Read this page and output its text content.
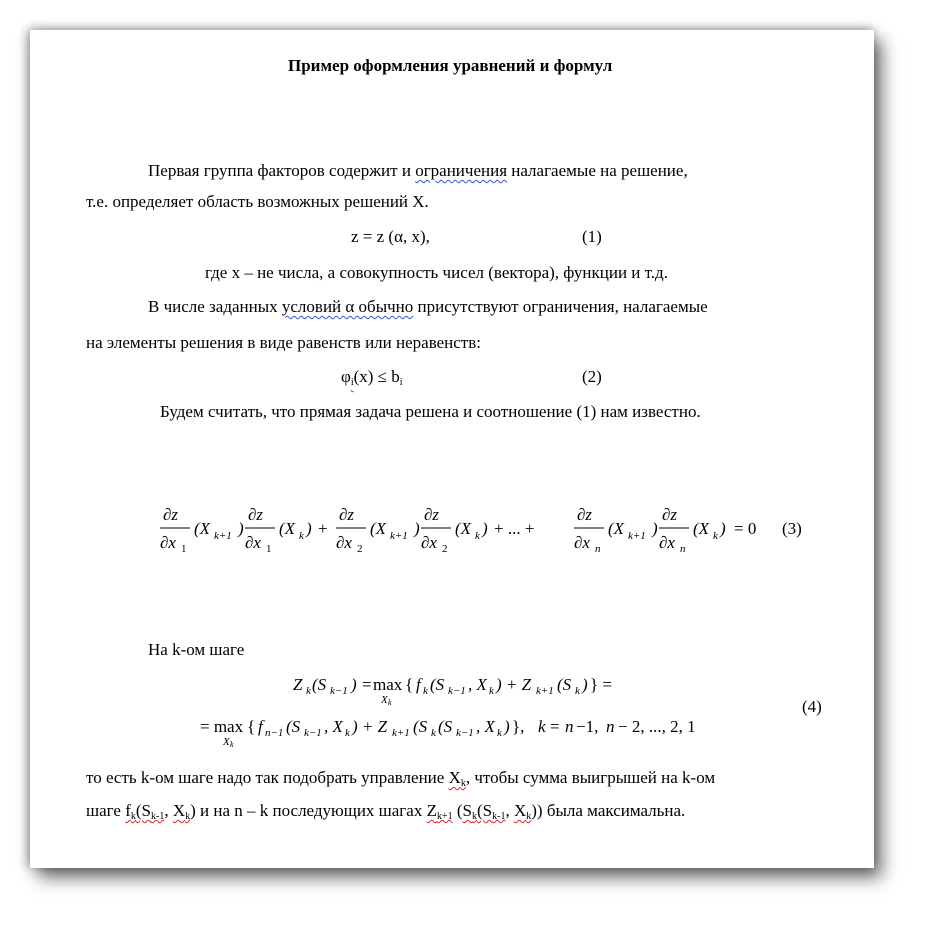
Пример оформления уравнений и формул
Первая группа факторов содержит и ограничения налагаемые на решение,
т.е. определяет область возможных решений X.
z = z (α, x),	(1)
где x – не числа, а совокупность чисел (вектора), функции и т.д.
В числе заданных условий α обычно присутствуют ограничения, налагаемые
на элементы решения в виде равенств или неравенств:
φi(x) ≤ bi	(2)
Будем считать, что прямая задача решена и соотношение (1) нам известно.
∂z
∂x 1
(X k+1 )
∂z
∂x 1
(X k ) +
∂z
∂x 2
(X k+1 )
∂z
∂x 2
(X k ) + ... +
∂z
∂x n
(X k+1 )
∂z
∂x n
(X k ) = 0 (3)
На k-ом шаге
Z k (S k−1 ) = max
X k
{ f k (S k−1 , X k ) + Z k+1 (S k ) } =
= max
X k
{ f n−1 (S k−1 , X k ) + Z k+1 (S k (S k−1 , X k ) }, k = n −1, n − 2, ..., 2, 1
(4)
то есть k-ом шаге надо так подобрать управление Xk, чтобы сумма выигрышей на k-ом
шаге fk(Sk-1, Xk) и на n – k последующих шагах Zk+1 (Sk(Sk-1, Xk)) была максимальна.
